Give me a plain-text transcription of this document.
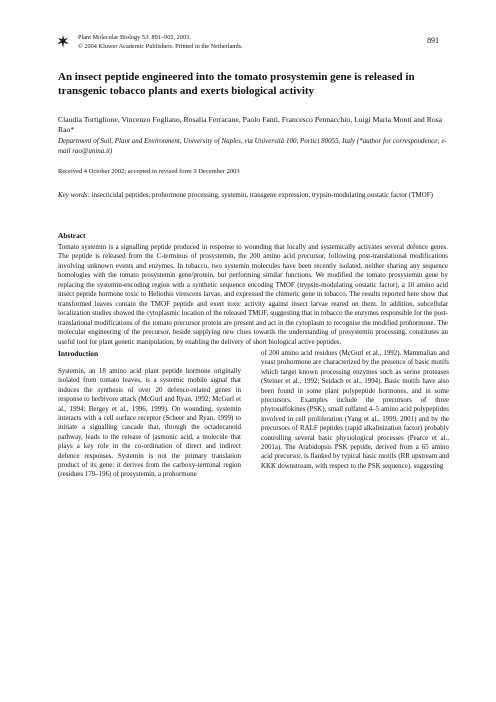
Plant Molecular Biology 53: 891–902, 2003.
© 2004 Kluwer Academic Publishers. Printed in the Netherlands.
891
An insect peptide engineered into the tomato prosystemin gene is released in transgenic tobacco plants and exerts biological activity
Claudia Tortiglione, Vincenzo Fogliano, Rosalia Ferracane, Paolo Fanti, Francesco Pennacchio, Luigi Maria Monti and Rosa Rao*
Department of Soil, Plant and Environment, University of Naples, via Università 100, Portici 80055, Italy (*author for correspondence; e-mail rao@unina.it)
Received 4 October 2002; accepted in revised form 9 December 2003
Key words: insecticidal peptides, prohormone processing, systemin, transgene expression, trypsin-modulating oostatic factor (TMOF)
Abstract
Tomato systemin is a signalling peptide produced in response to wounding that locally and systemically activates several defence genes. The peptide is released from the C-terminus of prosystemin, the 200 amino acid precursor, following post-translational modifications involving unknown events and enzymes. In tobacco, two systemin molecules have been recently isolated, neither sharing any sequence homologies with the tomato prosystemin gene/protein, but performing similar functions. We modified the tomato prosystemin gene by replacing the systemin-encoding region with a synthetic sequence encoding TMOF (trypsin-modulating oostatic factor), a 10 amino acid insect peptide hormone toxic to Heliothis virescens larvae, and expressed the chimeric gene in tobacco. The results reported here show that transformed leaves contain the TMOF peptide and exert toxic activity against insect larvae reared on them. In addition, subcellular localization studies showed the cytoplasmic location of the released TMOF, suggesting that in tobacco the enzymes responsible for the post-translational modifications of the tomato precursor protein are present and act in the cytoplasm to recognise the modified prohormone. The molecular engineering of the precursor, beside supplying new clues towards the understanding of prosystemin processing, constitutes an useful tool for plant genetic manipulation, by enabling the delivery of short biological active peptides.
Introduction

Systemin, an 18 amino acid plant peptide hormone originally isolated from tomato leaves, is a systemic mobile signal that induces the synthesis of over 20 defence-related genes in response to herbivore attack (McGurl and Ryan, 1992; McGurl et al., 1994; Bergey et al., 1996, 1999). On wounding, systemin interacts with a cell surface receptor (Scheer and Ryan, 1999) to initiate a signalling cascade that, through the octadecanoid pathway, leads to the release of jasmonic acid, a molecule that plays a key role in the co-ordination of direct and indirect defence responses. Systemin is not the primary translation product of its gene: it derives from the carboxy-terminal region (residues 179–196) of prosystemin, a prohormone

of 200 amino acid residues (McGurl et al., 1992). Mammalian and yeast prohormone are characterized by the presence of basic motifs which target known processing enzymes such as serine proteases (Steiner et al., 1992; Seidach et al., 1994). Basic motifs have also been found in some plant polypeptide hormones, and in some precursors. Examples include the precursors of three phytosulfokines (PSK), small sulfated 4–5 amino acid polypeptides involved in cell proliferation (Yang et al., 1999, 2001) and by the precursors of RALF peptides (rapid alkalinization factor) probably controlling several basic physiological processes (Pearce et al., 2001a). The Arabidopsis PSK peptide, derived from a 65 amino acid precursor, is flanked by typical basic motifs (RR upstream and KKK downstream, with respect to the PSK sequence), suggesting
